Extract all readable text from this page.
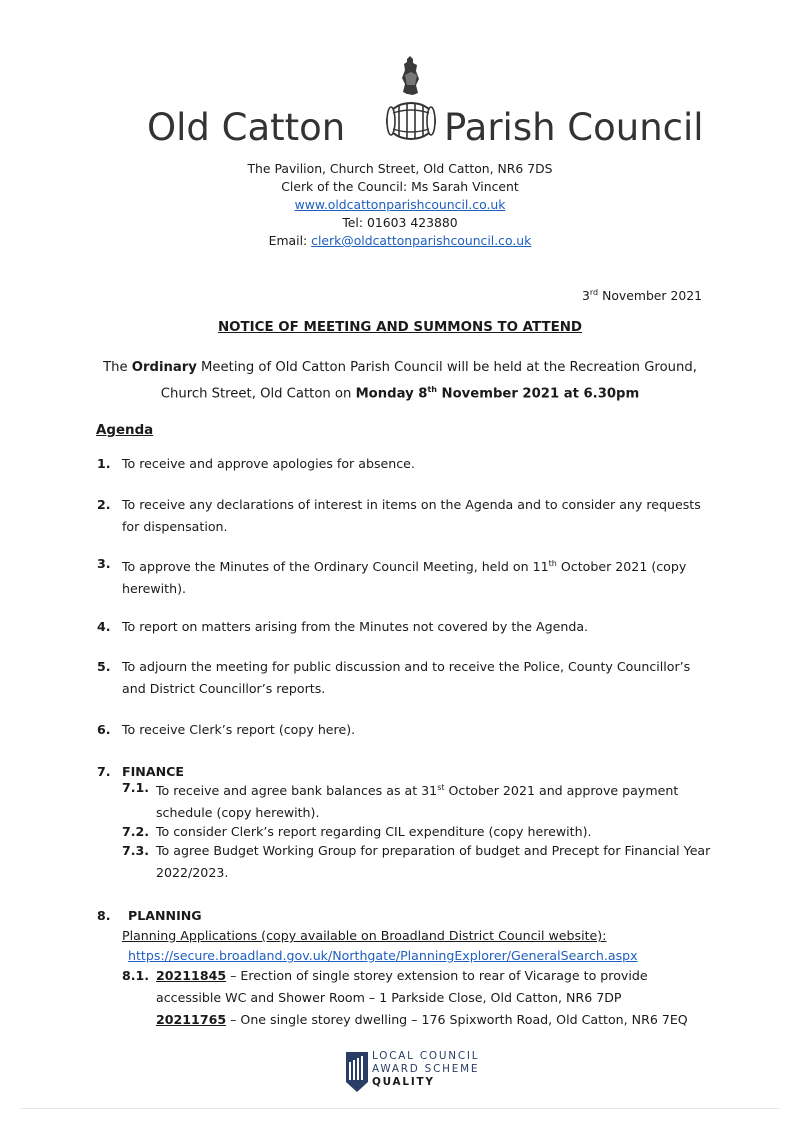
Old Catton	Parish Council
The Pavilion, Church Street, Old Catton, NR6 7DS
Clerk of the Council: Ms Sarah Vincent
www.oldcattonparishcouncil.co.uk
Tel: 01603 423880
Email: clerk@oldcattonparishcouncil.co.uk
3rd November 2021
NOTICE OF MEETING AND SUMMONS TO ATTEND
The Ordinary Meeting of Old Catton Parish Council will be held at the Recreation Ground, Church Street, Old Catton on Monday 8th November 2021 at 6.30pm
Agenda
1. To receive and approve apologies for absence.
2. To receive any declarations of interest in items on the Agenda and to consider any requests for dispensation.
3. To approve the Minutes of the Ordinary Council Meeting, held on 11th October 2021 (copy herewith).
4. To report on matters arising from the Minutes not covered by the Agenda.
5. To adjourn the meeting for public discussion and to receive the Police, County Councillor’s and District Councillor’s reports.
6. To receive Clerk’s report (copy here).
7. FINANCE
7.1. To receive and agree bank balances as at 31st October 2021 and approve payment schedule (copy herewith).
7.2. To consider Clerk’s report regarding CIL expenditure (copy herewith).
7.3. To agree Budget Working Group for preparation of budget and Precept for Financial Year 2022/2023.
8. PLANNING
Planning Applications (copy available on Broadland District Council website):
https://secure.broadland.gov.uk/Northgate/PlanningExplorer/GeneralSearch.aspx
8.1. 20211845 – Erection of single storey extension to rear of Vicarage to provide accessible WC and Shower Room – 1 Parkside Close, Old Catton, NR6 7DP
20211765 – One single storey dwelling – 176 Spixworth Road, Old Catton, NR6 7EQ
LOCAL COUNCIL
AWARD SCHEME
QUALITY
